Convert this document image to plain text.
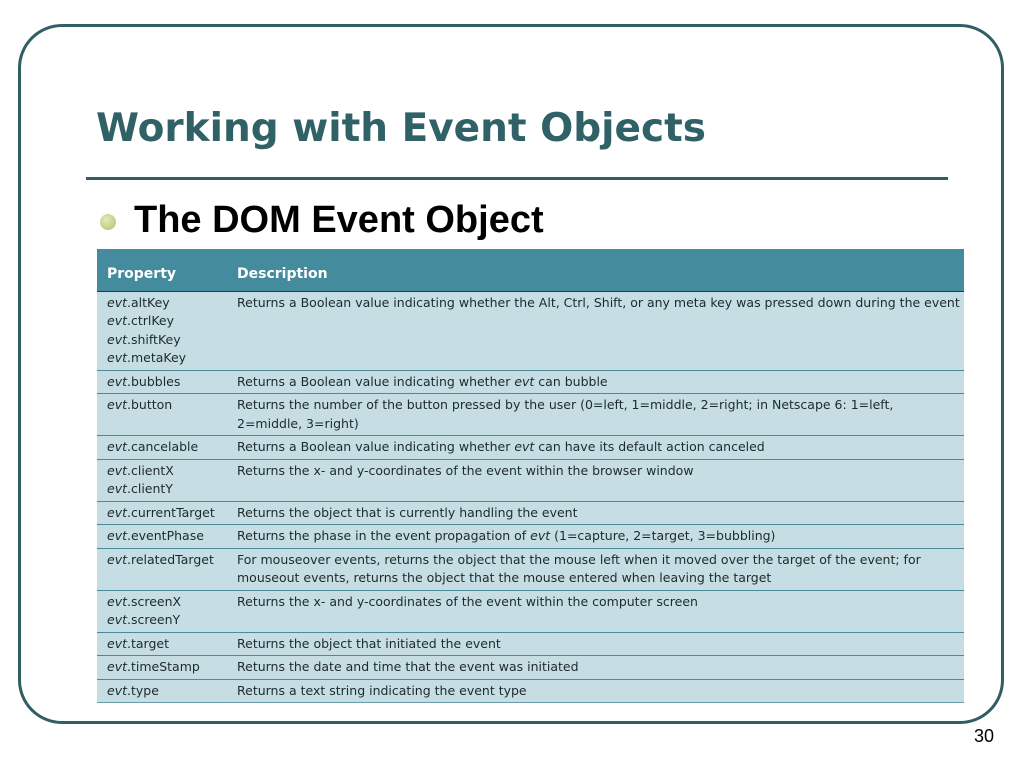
Working with Event Objects
The DOM Event Object
Property	Description

evt.altKey
evt.ctrlKey
evt.shiftKey
evt.metaKey	Returns a Boolean value indicating whether the Alt, Ctrl, Shift, or any meta key was pressed down during the event

evt.bubbles	Returns a Boolean value indicating whether evt can bubble

evt.button	Returns the number of the button pressed by the user (0=left, 1=middle, 2=right; in Netscape 6: 1=left, 2=middle, 3=right)

evt.cancelable	Returns a Boolean value indicating whether evt can have its default action canceled

evt.clientX
evt.clientY	Returns the x- and y-coordinates of the event within the browser window

evt.currentTarget	Returns the object that is currently handling the event

evt.eventPhase	Returns the phase in the event propagation of evt (1=capture, 2=target, 3=bubbling)

evt.relatedTarget	For mouseover events, returns the object that the mouse left when it moved over the target of the event; for mouseout events, returns the object that the mouse entered when leaving the target

evt.screenX
evt.screenY	Returns the x- and y-coordinates of the event within the computer screen

evt.target	Returns the object that initiated the event

evt.timeStamp	Returns the date and time that the event was initiated

evt.type	Returns a text string indicating the event type
30
